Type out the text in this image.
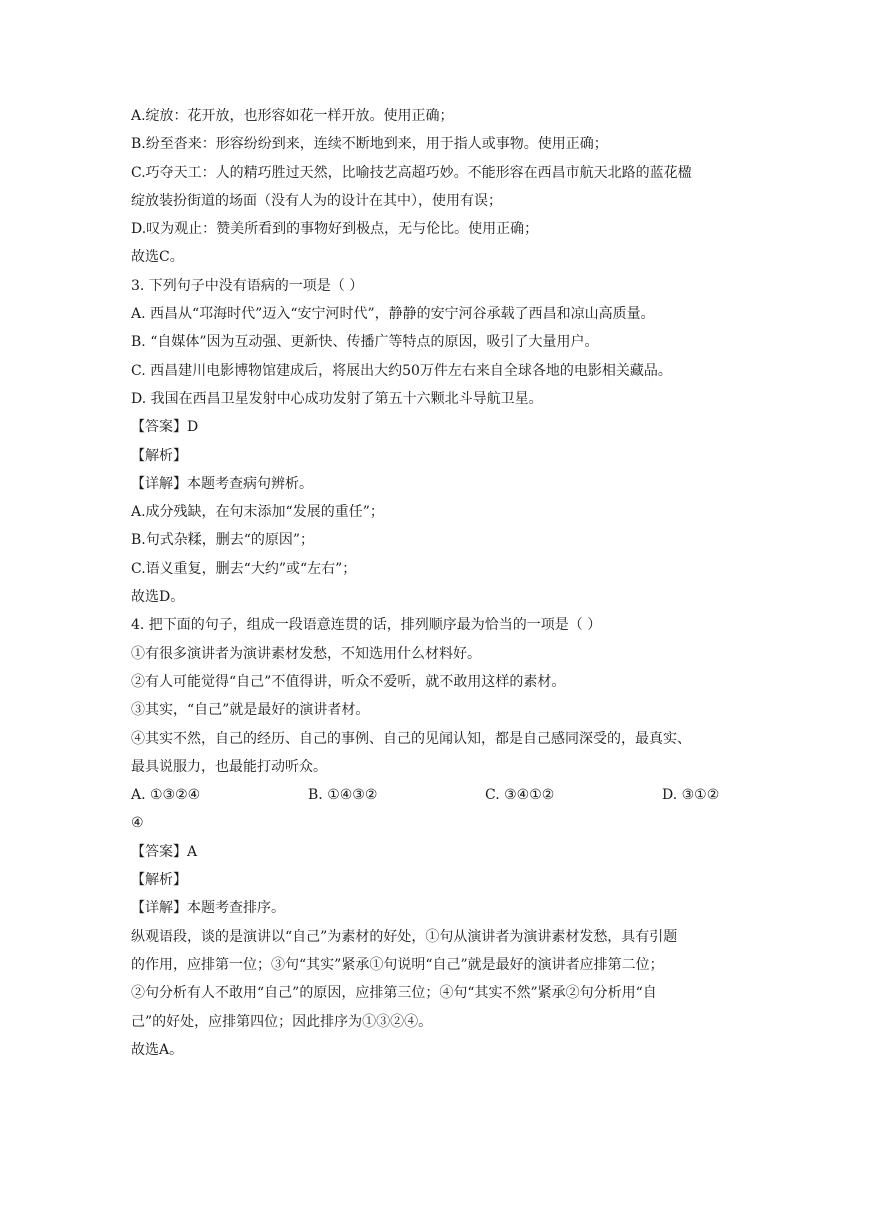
A.绽放：花开放，也形容如花一样开放。使用正确；
B.纷至沓来：形容纷纷到来，连续不断地到来，用于指人或事物。使用正确；
C.巧夺天工：人的精巧胜过天然，比喻技艺高超巧妙。不能形容在西昌市航天北路的蓝花楹
绽放装扮街道的场面（没有人为的设计在其中），使用有误；
D.叹为观止：赞美所看到的事物好到极点，无与伦比。使用正确；
故选C。
3. 下列句子中没有语病的一项是（ ）
A. 西昌从“邛海时代”迈入“安宁河时代”，静静的安宁河谷承载了西昌和凉山高质量。
B. “自媒体”因为互动强、更新快、传播广等特点的原因，吸引了大量用户。
C. 西昌建川电影博物馆建成后，将展出大约50万件左右来自全球各地的电影相关藏品。
D. 我国在西昌卫星发射中心成功发射了第五十六颗北斗导航卫星。
【答案】D
【解析】
【详解】本题考查病句辨析。
A.成分残缺，在句末添加“发展的重任”；
B.句式杂糅，删去“的原因”；
C.语义重复，删去“大约”或“左右”；
故选D。
4. 把下面的句子，组成一段语意连贯的话，排列顺序最为恰当的一项是（ ）
①有很多演讲者为演讲素材发愁，不知选用什么材料好。
②有人可能觉得“自己”不值得讲，听众不爱听，就不敢用这样的素材。
③其实，“自己”就是最好的演讲者材。
④其实不然，自己的经历、自己的事例、自己的见闻认知，都是自己感同深受的，最真实、
最具说服力，也最能打动听众。
A. ①③②④	B. ①④③②	C. ③④①②	D. ③①②
④
【答案】A
【解析】
【详解】本题考查排序。
纵观语段，谈的是演讲以“自己”为素材的好处，①句从演讲者为演讲素材发愁，具有引题
的作用，应排第一位；③句“其实”紧承①句说明“自己”就是最好的演讲者应排第二位；
②句分析有人不敢用“自己”的原因，应排第三位；④句“其实不然”紧承②句分析用“自
己”的好处，应排第四位；因此排序为①③②④。
故选A。
